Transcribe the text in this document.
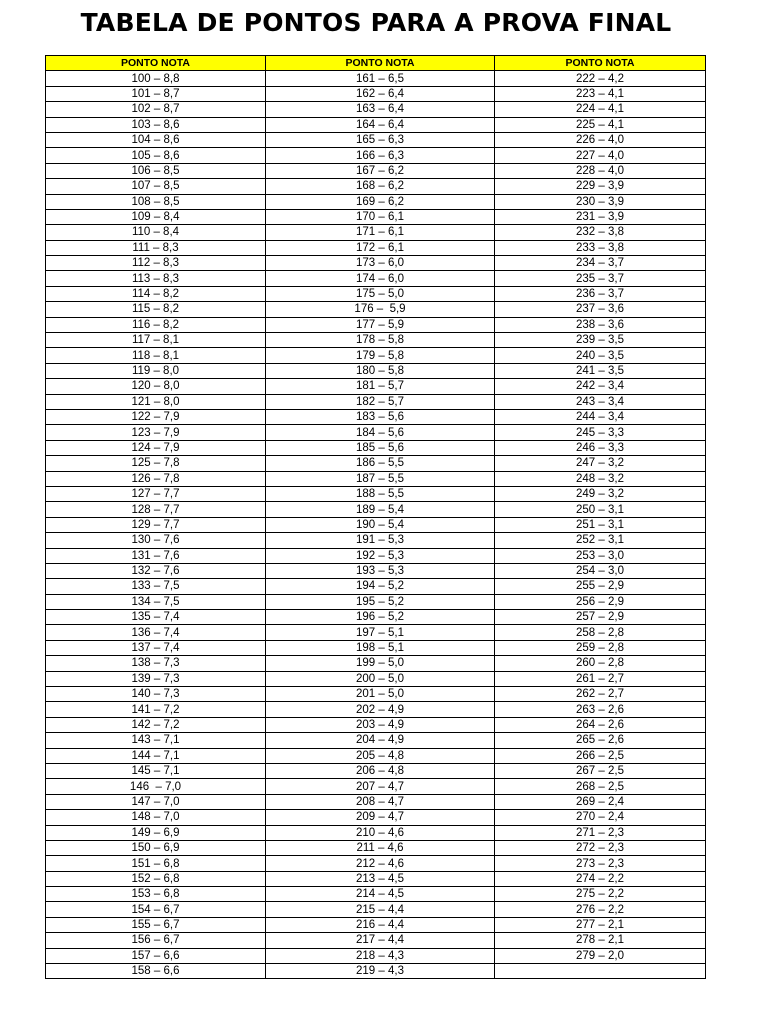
TABELA DE PONTOS PARA A PROVA FINAL
PONTO NOTA	PONTO NOTA	PONTO NOTA
100 – 8,8	161 – 6,5	222 – 4,2
101 – 8,7	162 – 6,4	223 – 4,1
102 – 8,7	163 – 6,4	224 – 4,1
103 – 8,6	164 – 6,4	225 – 4,1
104 – 8,6	165 – 6,3	226 – 4,0
105 – 8,6	166 – 6,3	227 – 4,0
106 – 8,5	167 – 6,2	228 – 4,0
107 – 8,5	168 – 6,2	229 – 3,9
108 – 8,5	169 – 6,2	230 – 3,9
109 – 8,4	170 – 6,1	231 – 3,9
110 – 8,4	171 – 6,1	232 – 3,8
111 – 8,3	172 – 6,1	233 – 3,8
112 – 8,3	173 – 6,0	234 – 3,7
113 – 8,3	174 – 6,0	235 – 3,7
114 – 8,2	175 – 5,0	236 – 3,7
115 – 8,2	176 –  5,9	237 – 3,6
116 – 8,2	177 – 5,9	238 – 3,6
117 – 8,1	178 – 5,8	239 – 3,5
118 – 8,1	179 – 5,8	240 – 3,5
119 – 8,0	180 – 5,8	241 – 3,5
120 – 8,0	181 – 5,7	242 – 3,4
121 – 8,0	182 – 5,7	243 – 3,4
122 – 7,9	183 – 5,6	244 – 3,4
123 – 7,9	184 – 5,6	245 – 3,3
124 – 7,9	185 – 5,6	246 – 3,3
125 – 7,8	186 – 5,5	247 – 3,2
126 – 7,8	187 – 5,5	248 – 3,2
127 – 7,7	188 – 5,5	249 – 3,2
128 – 7,7	189 – 5,4	250 – 3,1
129 – 7,7	190 – 5,4	251 – 3,1
130 – 7,6	191 – 5,3	252 – 3,1
131 – 7,6	192 – 5,3	253 – 3,0
132 – 7,6	193 – 5,3	254 – 3,0
133 – 7,5	194 – 5,2	255 – 2,9
134 – 7,5	195 – 5,2	256 – 2,9
135 – 7,4	196 – 5,2	257 – 2,9
136 – 7,4	197 – 5,1	258 – 2,8
137 – 7,4	198 – 5,1	259 – 2,8
138 – 7,3	199 – 5,0	260 – 2,8
139 – 7,3	200 – 5,0	261 – 2,7
140 – 7,3	201 – 5,0	262 – 2,7
141 – 7,2	202 – 4,9	263 – 2,6
142 – 7,2	203 – 4,9	264 – 2,6
143 – 7,1	204 – 4,9	265 – 2,6
144 – 7,1	205 – 4,8	266 – 2,5
145 – 7,1	206 – 4,8	267 – 2,5
146  – 7,0	207 – 4,7	268 – 2,5
147 – 7,0	208 – 4,7	269 – 2,4
148 – 7,0	209 – 4,7	270 – 2,4
149 – 6,9	210 – 4,6	271 – 2,3
150 – 6,9	211 – 4,6	272 – 2,3
151 – 6,8	212 – 4,6	273 – 2,3
152 – 6,8	213 – 4,5	274 – 2,2
153 – 6,8	214 – 4,5	275 – 2,2
154 – 6,7	215 – 4,4	276 – 2,2
155 – 6,7	216 – 4,4	277 – 2,1
156 – 6,7	217 – 4,4	278 – 2,1
157 – 6,6	218 – 4,3	279 – 2,0
158 – 6,6	219 – 4,3	
